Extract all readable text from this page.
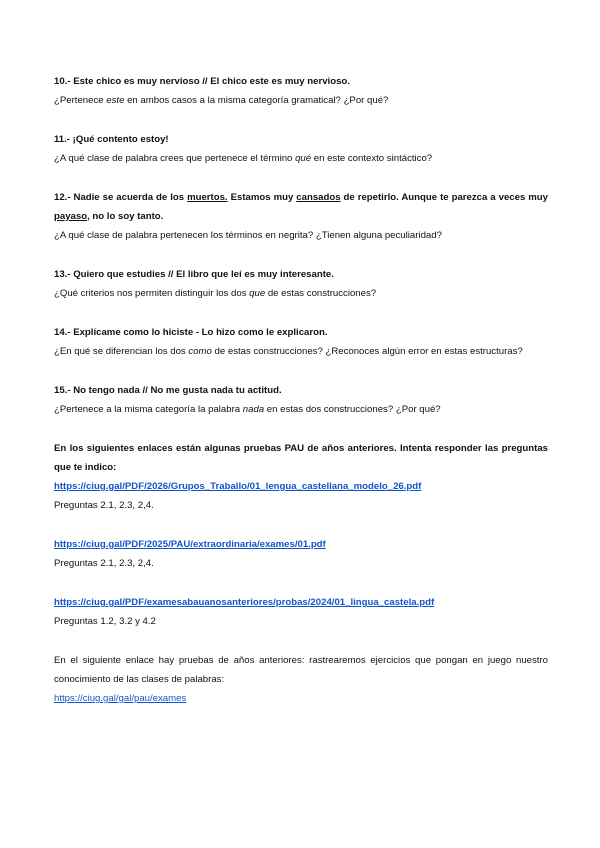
10.- Este chico es muy nervioso // El chico este es muy nervioso.

¿Pertenece este en ambos casos a la misma categoría gramatical? ¿Por qué?

11.- ¡Qué contento estoy!

¿A qué clase de palabra crees que pertenece el término qué en este contexto sintáctico?

12.- Nadie se acuerda de los muertos. Estamos muy cansados de repetirlo. Aunque te parezca a veces muy payaso, no lo soy tanto.

¿A qué clase de palabra pertenecen los términos en negrita? ¿Tienen alguna peculiaridad?

13.- Quiero que estudies // El libro que leí es muy interesante.

¿Qué criterios nos permiten distinguir los dos que de estas construcciones?

14.- Explícame como lo hiciste - Lo hizo como le explicaron.

¿En qué se diferencian los dos como de estas construcciones? ¿Reconoces algún error en estas estructuras?

15.- No tengo nada // No me gusta nada tu actitud.

¿Pertenece a la misma categoría la palabra nada en estas dos construcciones? ¿Por qué?

En los siguientes enlaces están algunas pruebas PAU de años anteriores. Intenta responder las preguntas que te indico:

https://ciug.gal/PDF/2026/Grupos_Traballo/01_lengua_castellana_modelo_26.pdf

Preguntas 2.1, 2.3, 2,4.

https://ciug.gal/PDF/2025/PAU/extraordinaria/exames/01.pdf

Preguntas 2.1, 2.3, 2,4.

https://ciug.gal/PDF/examesabauanosanteriores/probas/2024/01_lingua_castela.pdf

Preguntas 1.2, 3.2 y 4.2

En el siguiente enlace hay pruebas de años anteriores: rastrearemos ejercicios que pongan en juego nuestro conocimiento de las clases de palabras:

https://ciug.gal/gal/pau/exames
